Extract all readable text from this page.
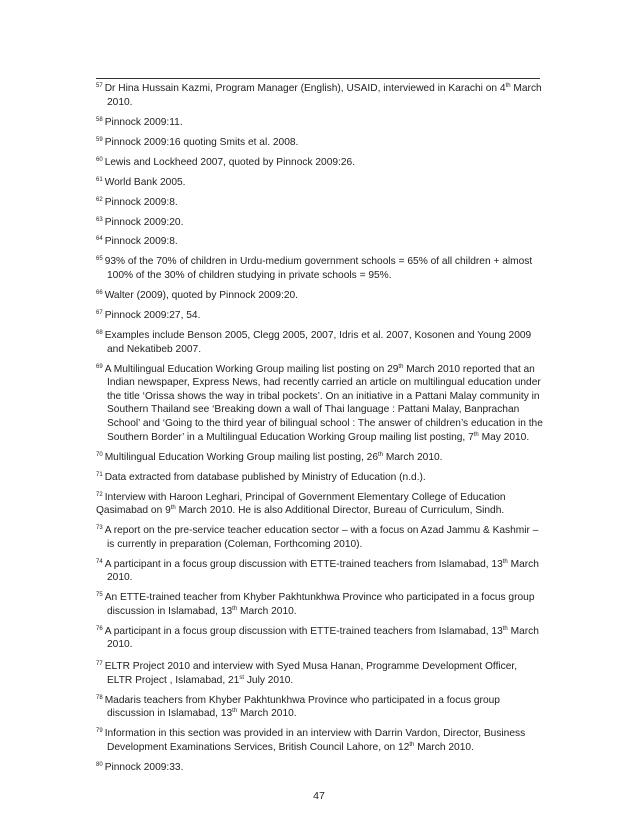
$^{57}$ Dr Hina Hussain Kazmi, Program Manager (English), USAID, interviewed in Karachi on 4th March 2010.

$^{58}$ Pinnock 2009:11.

$^{59}$ Pinnock 2009:16 quoting Smits et al. 2008.

$^{60}$ Lewis and Lockheed 2007, quoted by Pinnock 2009:26.

$^{61}$ World Bank 2005.

$^{62}$ Pinnock 2009:8.

$^{63}$ Pinnock 2009:20.

$^{64}$ Pinnock 2009:8.

$^{65}$ 93% of the 70% of children in Urdu-medium government schools = 65% of all children + almost 100% of the 30% of children studying in private schools = 95%.

$^{66}$ Walter (2009), quoted by Pinnock 2009:20.

$^{67}$ Pinnock 2009:27, 54.

$^{68}$ Examples include Benson 2005, Clegg 2005, 2007, Idris et al. 2007, Kosonen and Young 2009 and Nekatibeb 2007.

$^{69}$ A Multilingual Education Working Group mailing list posting on 29th March 2010 reported that an Indian newspaper, Express News, had recently carried an article on multilingual education under the title ‘Orissa shows the way in tribal pockets’. On an initiative in a Pattani Malay community in Southern Thailand see ‘Breaking down a wall of Thai language : Pattani Malay, Banprachan School’ and ‘Going to the third year of bilingual school : The answer of children’s education in the Southern Border’ in a Multilingual Education Working Group mailing list posting, 7th May 2010.

$^{70}$ Multilingual Education Working Group mailing list posting, 26th March 2010.

$^{71}$ Data extracted from database published by Ministry of Education (n.d.).

$^{72}$ Interview with Haroon Leghari, Principal of Government Elementary College of Education Qasimabad on 9th March 2010. He is also Additional Director, Bureau of Curriculum, Sindh.

$^{73}$ A report on the pre-service teacher education sector – with a focus on Azad Jammu & Kashmir – is currently in preparation (Coleman, Forthcoming 2010).

$^{74}$ A participant in a focus group discussion with ETTE-trained teachers from Islamabad, 13th March 2010.

$^{75}$ An ETTE-trained teacher from Khyber Pakhtunkhwa Province who participated in a focus group discussion in Islamabad, 13th March 2010.

$^{76}$ A participant in a focus group discussion with ETTE-trained teachers from Islamabad, 13th March 2010.

$^{77}$ ELTR Project 2010 and interview with Syed Musa Hanan, Programme Development Officer, ELTR Project , Islamabad, 21st July 2010.

$^{78}$ Madaris teachers from Khyber Pakhtunkhwa Province who participated in a focus group discussion in Islamabad, 13th March 2010.

$^{79}$ Information in this section was provided in an interview with Darrin Vardon, Director, Business Development Examinations Services, British Council Lahore, on 12th March 2010.

$^{80}$ Pinnock 2009:33.

47
